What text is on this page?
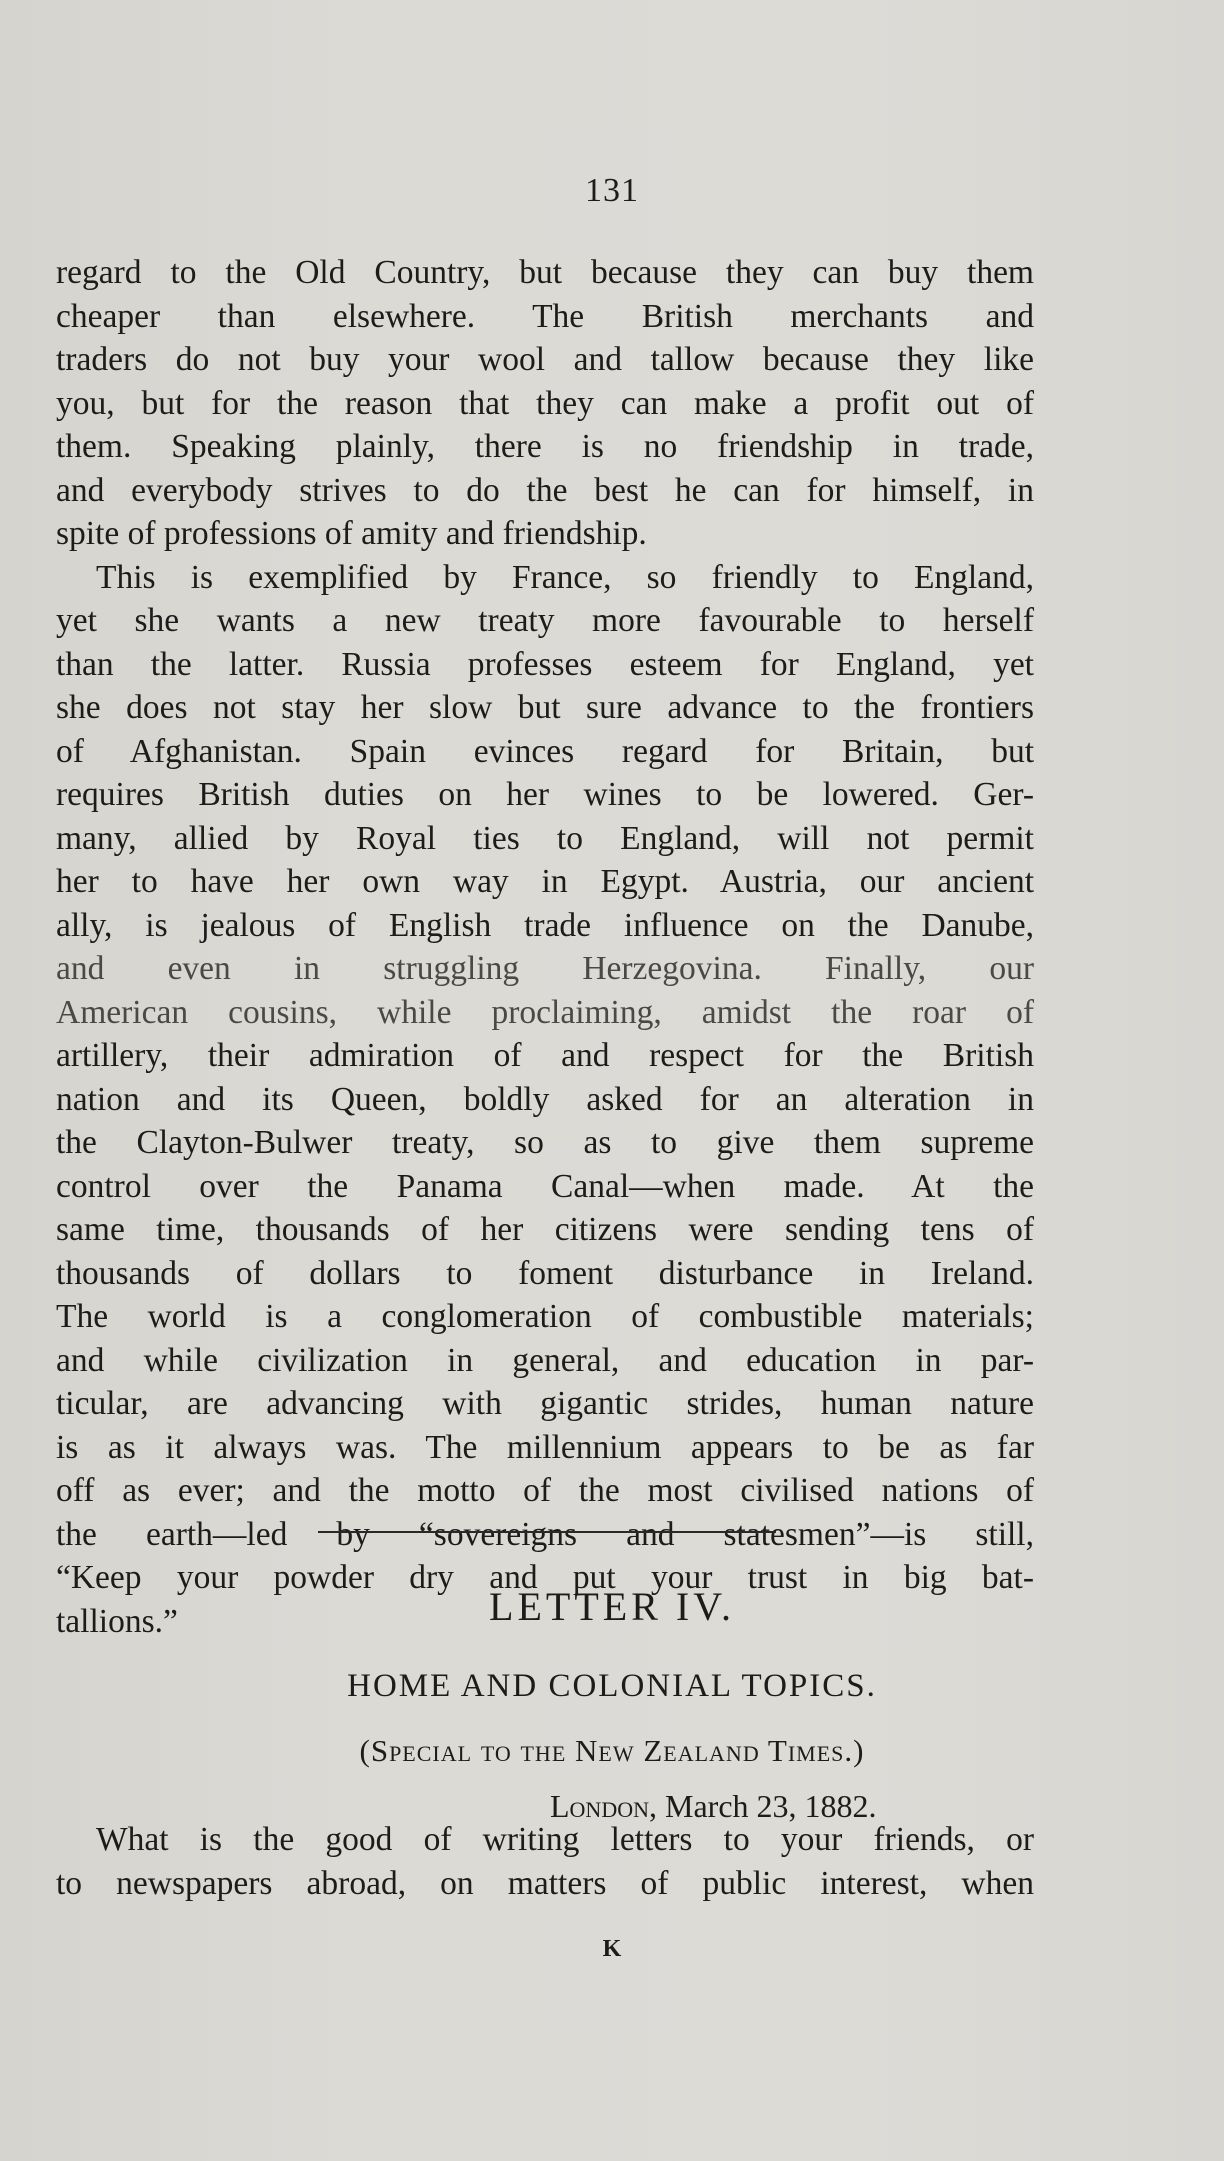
131
regard to the Old Country, but because they can buy them
cheaper than elsewhere. The British merchants and
traders do not buy your wool and tallow because they like
you, but for the reason that they can make a profit out of
them. Speaking plainly, there is no friendship in trade,
and everybody strives to do the best he can for himself, in
spite of professions of amity and friendship.
This is exemplified by France, so friendly to England,
yet she wants a new treaty more favourable to herself
than the latter. Russia professes esteem for England, yet
she does not stay her slow but sure advance to the frontiers
of Afghanistan. Spain evinces regard for Britain, but
requires British duties on her wines to be lowered. Ger-
many, allied by Royal ties to England, will not permit
her to have her own way in Egypt. Austria, our ancient
ally, is jealous of English trade influence on the Danube,
and even in struggling Herzegovina. Finally, our
American cousins, while proclaiming, amidst the roar of
artillery, their admiration of and respect for the British
nation and its Queen, boldly asked for an alteration in
the Clayton-Bulwer treaty, so as to give them supreme
control over the Panama Canal—when made. At the
same time, thousands of her citizens were sending tens of
thousands of dollars to foment disturbance in Ireland.
The world is a conglomeration of combustible materials;
and while civilization in general, and education in par-
ticular, are advancing with gigantic strides, human nature
is as it always was. The millennium appears to be as far
off as ever; and the motto of the most civilised nations of
the earth—led by “sovereigns and statesmen”—is still,
“Keep your powder dry and put your trust in big bat-
tallions.”	LETTER IV.
HOME AND COLONIAL TOPICS.
(Special to the New Zealand Times.)
London, March 23, 1882.
What is the good of writing letters to your friends, or
to newspapers abroad, on matters of public interest, when
K
